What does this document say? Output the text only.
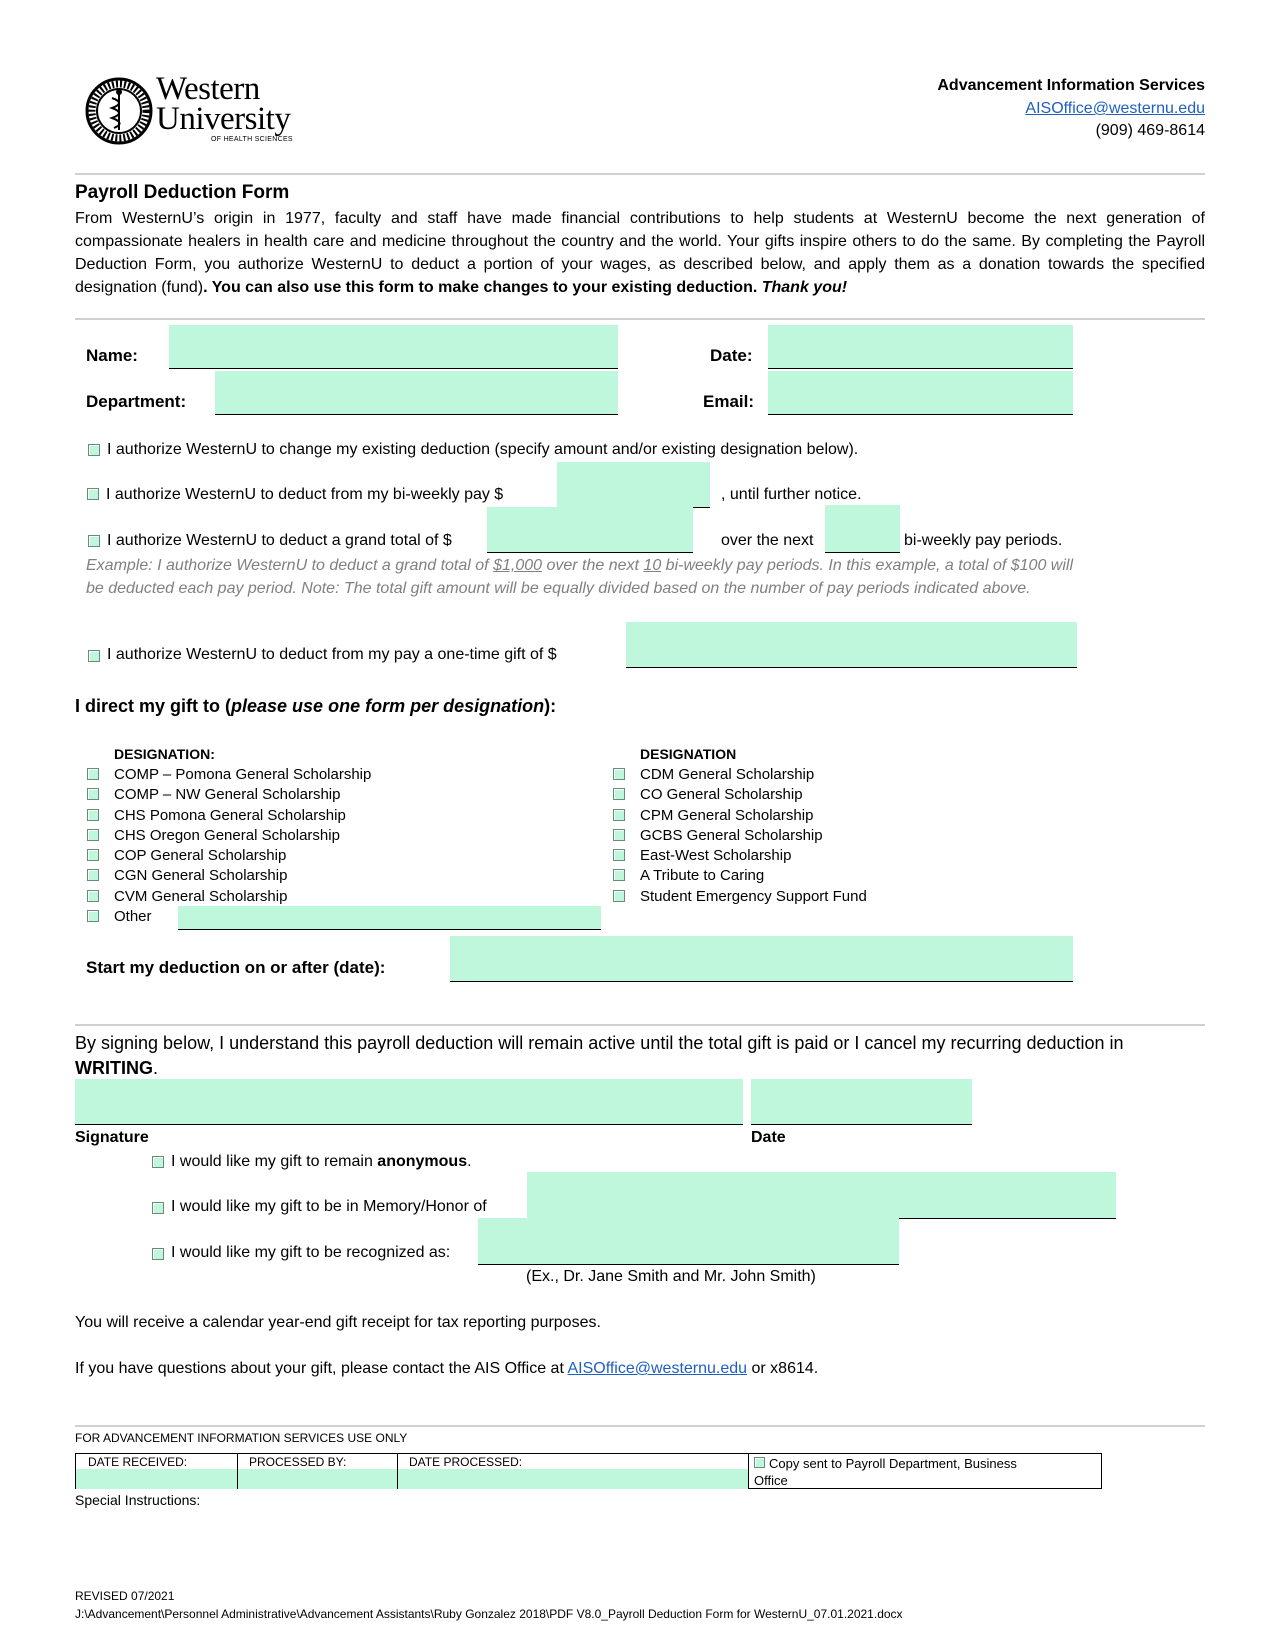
Western
University
OF HEALTH SCIENCES
Advancement Information Services
AISOffice@westernu.edu
(909) 469-8614
Payroll Deduction Form
From WesternU’s origin in 1977, faculty and staff have made financial contributions to help students at WesternU become the next generation of compassionate healers in health care and medicine throughout the country and the world. Your gifts inspire others to do the same. By completing the Payroll Deduction Form, you authorize WesternU to deduct a portion of your wages, as described below, and apply them as a donation towards the specified designation (fund). You can also use this form to make changes to your existing deduction. Thank you!
Name:	Date:
Department:	Email:
I authorize WesternU to change my existing deduction (specify amount and/or existing designation below).
I authorize WesternU to deduct from my bi-weekly pay $	, until further notice.
I authorize WesternU to deduct a grand total of $	over the next	bi-weekly pay periods.
Example: I authorize WesternU to deduct a grand total of $1,000 over the next 10 bi-weekly pay periods. In this example, a total of $100 will be deducted each pay period. Note: The total gift amount will be equally divided based on the number of pay periods indicated above.
I authorize WesternU to deduct from my pay a one-time gift of $
I direct my gift to (please use one form per designation):
DESIGNATION:
COMP – Pomona General Scholarship
COMP – NW General Scholarship
CHS Pomona General Scholarship
CHS Oregon General Scholarship
COP General Scholarship
CGN General Scholarship
CVM General Scholarship
Other
DESIGNATION
CDM General Scholarship
CO General Scholarship
CPM General Scholarship
GCBS General Scholarship
East-West Scholarship
A Tribute to Caring
Student Emergency Support Fund
Start my deduction on or after (date):
By signing below, I understand this payroll deduction will remain active until the total gift is paid or I cancel my recurring deduction in WRITING.
Signature	Date
I would like my gift to remain anonymous.
I would like my gift to be in Memory/Honor of
I would like my gift to be recognized as:
(Ex., Dr. Jane Smith and Mr. John Smith)
You will receive a calendar year-end gift receipt for tax reporting purposes.
If you have questions about your gift, please contact the AIS Office at AISOffice@westernu.edu or x8614.
FOR ADVANCEMENT INFORMATION SERVICES USE ONLY
DATE RECEIVED:	PROCESSED BY:	DATE PROCESSED:	Copy sent to Payroll Department, Business Office
Special Instructions:
REVISED 07/2021
J:\Advancement\Personnel Administrative\Advancement Assistants\Ruby Gonzalez 2018\PDF V8.0_Payroll Deduction Form for WesternU_07.01.2021.docx
